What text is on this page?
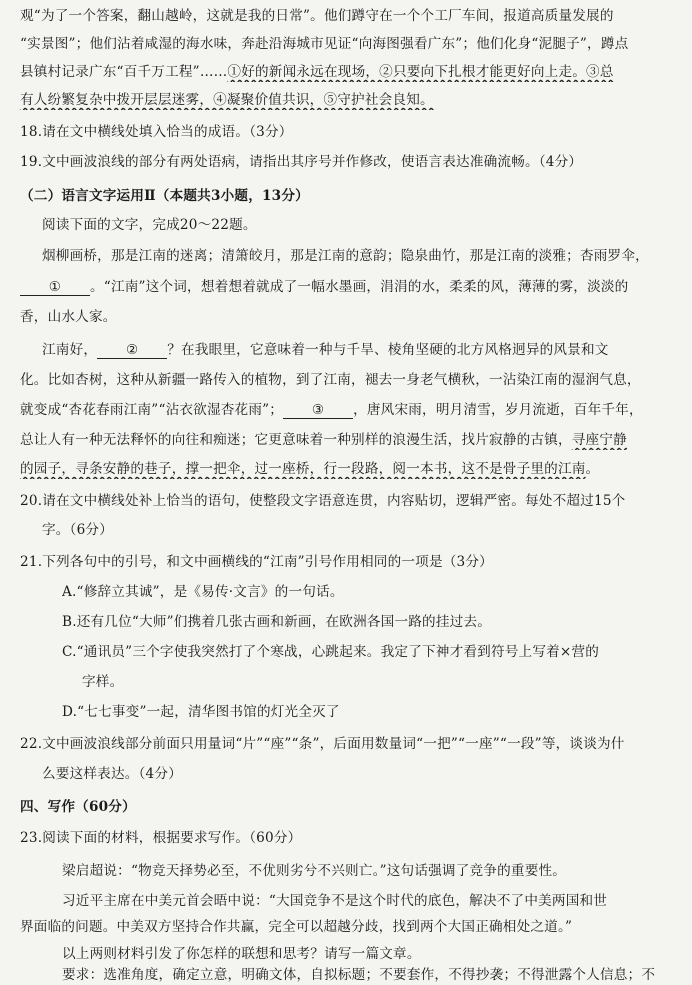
观“为了一个答案，翻山越岭，这就是我的日常”。他们蹲守在一个个工厂车间，报道高质量发展的
“实景图”；他们沾着咸湿的海水味，奔赴沿海城市见证“向海图强看广东”；他们化身“泥腿子”，蹲点
县镇村记录广东“百千万工程”……①好的新闻永远在现场，②只要向下扎根才能更好向上走。③总
有人纷繁复杂中拨开层层迷雾，④凝聚价值共识，⑤守护社会良知。
18.请在文中横线处填入恰当的成语。（3分）
19.文中画波浪线的部分有两处语病，请指出其序号并作修改，使语言表达准确流畅。（4分）
（二）语言文字运用Ⅱ（本题共3小题，13分）
阅读下面的文字，完成20～22题。
烟柳画桥，那是江南的迷离；清箫皎月，那是江南的意韵；隐泉曲竹，那是江南的淡雅；杏雨罗伞，
① 。“江南”这个词，想着想着就成了一幅水墨画，涓涓的水，柔柔的风，薄薄的雾，淡淡的
香，山水人家。
江南好， ② ？在我眼里，它意味着一种与千旱、棱角坚硬的北方风格迥异的风景和文
化。比如杏树，这种从新疆一路传入的植物，到了江南，褪去一身老气横秋，一沾染江南的湿润气息，
就变成“杏花春雨江南”“沾衣欲湿杏花雨”； ③ ，唐风宋雨，明月清雪，岁月流逝，百年千年，
总让人有一种无法释怀的向往和痴迷；它更意味着一种别样的浪漫生活，找片寂静的古镇，寻座宁静
的园子，寻条安静的巷子，撑一把伞，过一座桥，行一段路，阅一本书，这不是骨子里的江南。
20.请在文中横线处补上恰当的语句，使整段文字语意连贯，内容贴切，逻辑严密。每处不超过15个
字。（6分）
21.下列各句中的引号，和文中画横线的“江南”引号作用相同的一项是（3分）
A.“修辞立其诚”，是《易传·文言》的一句话。
B.还有几位“大师”们携着几张古画和新画，在欧洲各国一路的挂过去。
C.“通讯员”三个字使我突然打了个寒战，心跳起来。我定了下神才看到符号上写着×营的
字样。
D.“七七事变”一起，清华图书馆的灯光全灭了
22.文中画波浪线部分前面只用量词“片”“座”“条”，后面用数量词“一把”“一座”“一段”等，谈谈为什
么要这样表达。（4分）
四、写作（60分）
23.阅读下面的材料，根据要求写作。（60分）
梁启超说：“物竞天择势必至，不优则劣兮不兴则亡。”这句话强调了竞争的重要性。
习近平主席在中美元首会晤中说：“大国竞争不是这个时代的底色，解决不了中美两国和世
界面临的问题。中美双方坚持合作共赢，完全可以超越分歧，找到两个大国正确相处之道。”
以上两则材料引发了你怎样的联想和思考？请写一篇文章。
要求：选准角度，确定立意，明确文体，自拟标题；不要套作，不得抄袭；不得泄露个人信息；不
